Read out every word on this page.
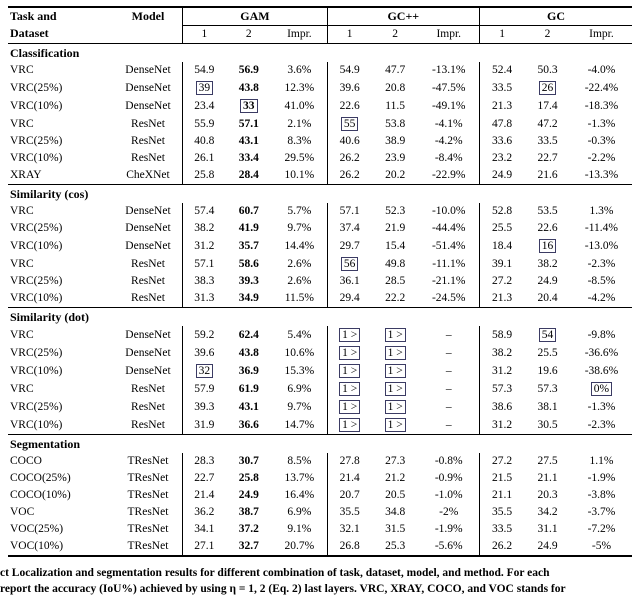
Task and
Dataset	Model	GAM			GC++			GC		
		1	2	Impr.	1	2	Impr.	1	2	Impr.
Classification										
VRC	DenseNet	54.9	56.9	3.6%	54.9	47.7	-13.1%	52.4	50.3	-4.0%
VRC(25%)	DenseNet	39	43.8	12.3%	39.6	20.8	-47.5%	33.5	26	-22.4%
VRC(10%)	DenseNet	23.4	33	41.0%	22.6	11.5	-49.1%	21.3	17.4	-18.3%
VRC	ResNet	55.9	57.1	2.1%	55	53.8	-4.1%	47.8	47.2	-1.3%
VRC(25%)	ResNet	40.8	43.1	8.3%	40.6	38.9	-4.2%	33.6	33.5	-0.3%
VRC(10%)	ResNet	26.1	33.4	29.5%	26.2	23.9	-8.4%	23.2	22.7	-2.2%
XRAY	CheXNet	25.8	28.4	10.1%	26.2	20.2	-22.9%	24.9	21.6	-13.3%
Similarity (cos)										
VRC	DenseNet	57.4	60.7	5.7%	57.1	52.3	-10.0%	52.8	53.5	1.3%
VRC(25%)	DenseNet	38.2	41.9	9.7%	37.4	21.9	-44.4%	25.5	22.6	-11.4%
VRC(10%)	DenseNet	31.2	35.7	14.4%	29.7	15.4	-51.4%	18.4	16	-13.0%
VRC	ResNet	57.1	58.6	2.6%	56	49.8	-11.1%	39.1	38.2	-2.3%
VRC(25%)	ResNet	38.3	39.3	2.6%	36.1	28.5	-21.1%	27.2	24.9	-8.5%
VRC(10%)	ResNet	31.3	34.9	11.5%	29.4	22.2	-24.5%	21.3	20.4	-4.2%
Similarity (dot)										
VRC	DenseNet	59.2	62.4	5.4%	1 >	1 >	–	58.9	54	-9.8%
VRC(25%)	DenseNet	39.6	43.8	10.6%	1 >	1 >	–	38.2	25.5	-36.6%
VRC(10%)	DenseNet	32	36.9	15.3%	1 >	1 >	–	31.2	19.6	-38.6%
VRC	ResNet	57.9	61.9	6.9%	1 >	1 >	–	57.3	57.3	0%
VRC(25%)	ResNet	39.3	43.1	9.7%	1 >	1 >	–	38.6	38.1	-1.3%
VRC(10%)	ResNet	31.9	36.6	14.7%	1 >	1 >	–	31.2	30.5	-2.3%
Segmentation										
COCO	TResNet	28.3	30.7	8.5%	27.8	27.3	-0.8%	27.2	27.5	1.1%
COCO(25%)	TResNet	22.7	25.8	13.7%	21.4	21.2	-0.9%	21.5	21.1	-1.9%
COCO(10%)	TResNet	21.4	24.9	16.4%	20.7	20.5	-1.0%	21.1	20.3	-3.8%
VOC	TResNet	36.2	38.7	6.9%	35.5	34.8	-2%	35.5	34.2	-3.7%
VOC(25%)	TResNet	34.1	37.2	9.1%	32.1	31.5	-1.9%	33.5	31.1	-7.2%
VOC(10%)	TResNet	27.1	32.7	20.7%	26.8	25.3	-5.6%	26.2	24.9	-5%

ct Localization and segmentation results for different combination of task, dataset, model, and method. For each

report the accuracy (IoU%) achieved by using η = 1, 2 (Eq. 2) last layers. VRC, XRAY, COCO, and VOC stands for
